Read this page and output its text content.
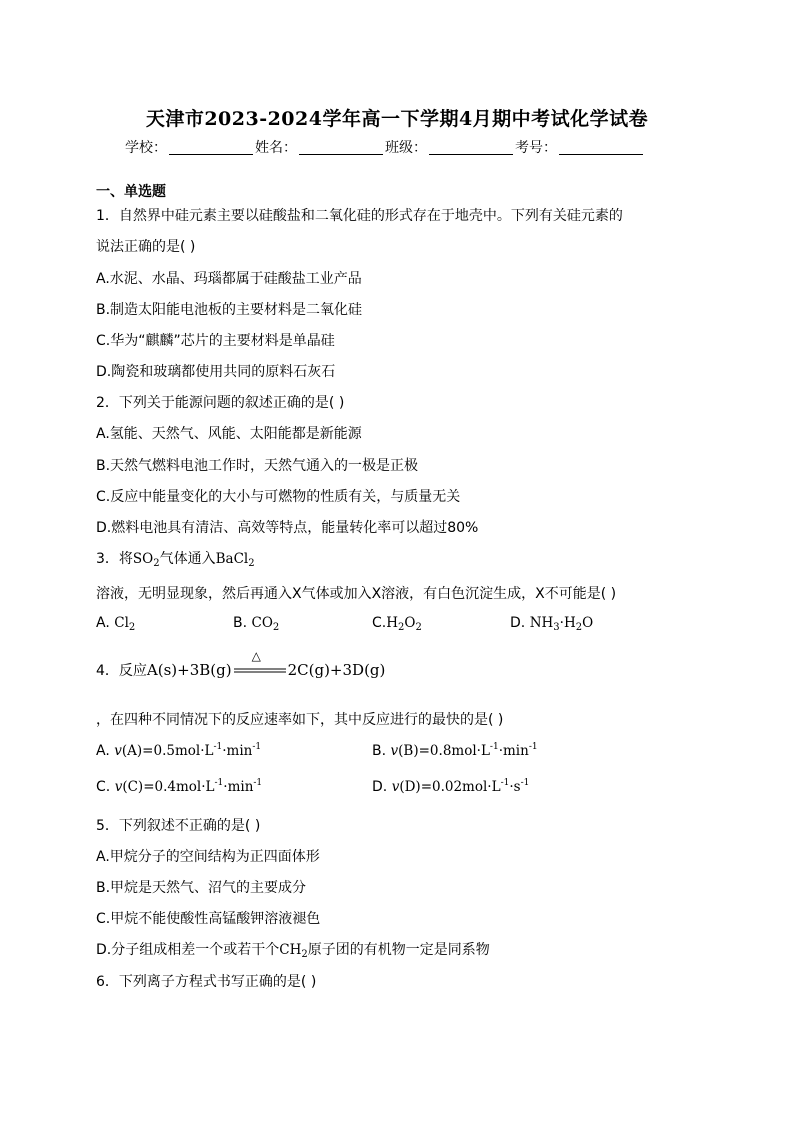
天津市2023-2024学年高一下学期4月期中考试化学试卷
学校：	姓名：	班级：	考号：
一、单选题
1．自然界中硅元素主要以硅酸盐和二氧化硅的形式存在于地壳中。下列有关硅元素的
说法正确的是( )
A.水泥、水晶、玛瑙都属于硅酸盐工业产品
B.制造太阳能电池板的主要材料是二氧化硅
C.华为“麒麟”芯片的主要材料是单晶硅
D.陶瓷和玻璃都使用共同的原料石灰石
2．下列关于能源问题的叙述正确的是( )
A.氢能、天然气、风能、太阳能都是新能源
B.天然气燃料电池工作时，天然气通入的一极是正极
C.反应中能量变化的大小与可燃物的性质有关，与质量无关
D.燃料电池具有清洁、高效等特点，能量转化率可以超过80%
3．将$SO_2$气体通入BaCl$_2$
溶液，无明显现象，然后再通入X气体或加入X溶液，有白色沉淀生成，X不可能是( )
A. $Cl_2$	B. $CO_2$	$C.H_2O_2$	D. $NH_3\cdot H_2O$
4．反应A(s)+3B(g)
△
2C(g)+3D(g)
，在四种不同情况下的反应速率如下，其中反应进行的最快的是( )
A. $v(A)=0.5mol\cdot L^{-1}\cdot\min^{-1}$	B. $v(B)=0.8mol\cdot L^{-1}\cdot\min^{-1}$
C. $v(C)=0.4mol\cdot L^{-1}\cdot\min^{-1}$	D. $v(D)=0.02mol\cdot L^{-1}\cdot s^{-1}$
5．下列叙述不正确的是( )
A.甲烷分子的空间结构为正四面体形
B.甲烷是天然气、沼气的主要成分
C.甲烷不能使酸性高锰酸钾溶液褪色
D.分子组成相差一个或若干个$CH_2$原子团的有机物一定是同系物
6．下列离子方程式书写正确的是( )
